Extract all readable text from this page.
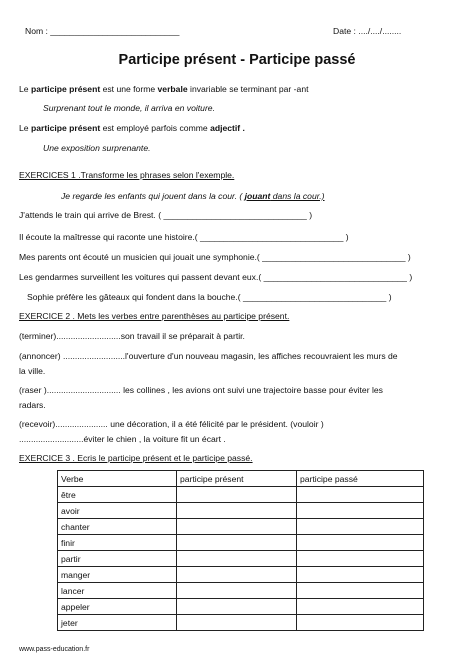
Nom : ___________________________	Date : ..../..../........
Participe présent - Participe passé
Le participe présent est une forme verbale invariable se terminant par -ant
Surprenant tout le monde, il arriva en voiture.
Le participe présent est employé parfois comme adjectif .
Une exposition surprenante.
EXERCICES 1 .Transforme les phrases selon l'exemple.
Je regarde les enfants qui jouent dans la cour. ( jouant dans la cour.)
J'attends le train qui arrive de Brest. ( ______________________________ )
Il écoute la maîtresse qui raconte une histoire.( ______________________________ )
Mes parents ont écouté un musicien qui jouait une symphonie.( ______________________________ )
Les gendarmes surveillent les voitures qui passent devant eux.( ______________________________ )
Sophie préfère les gâteaux qui fondent dans la bouche.( ______________________________ )
EXERCICE 2 . Mets les verbes entre parenthèses au participe présent.
(terminer)...........................son travail il se préparait à partir.
(annoncer) ..........................l'ouverture d'un nouveau magasin, les affiches recouvraient les murs de
la ville.
(raser )............................... les collines , les avions ont suivi une trajectoire basse pour éviter les
radars.
(recevoir)...................... une décoration, il a été félicité par le président. (vouloir )
...........................éviter le chien , la voiture fit un écart .
EXERCICE 3 . Ecris le participe présent et le participe passé.
Verbe	participe présent	participe passé
être		
avoir		
chanter		
finir		
partir		
manger		
lancer		
appeler		
jeter		
www.pass-education.fr
